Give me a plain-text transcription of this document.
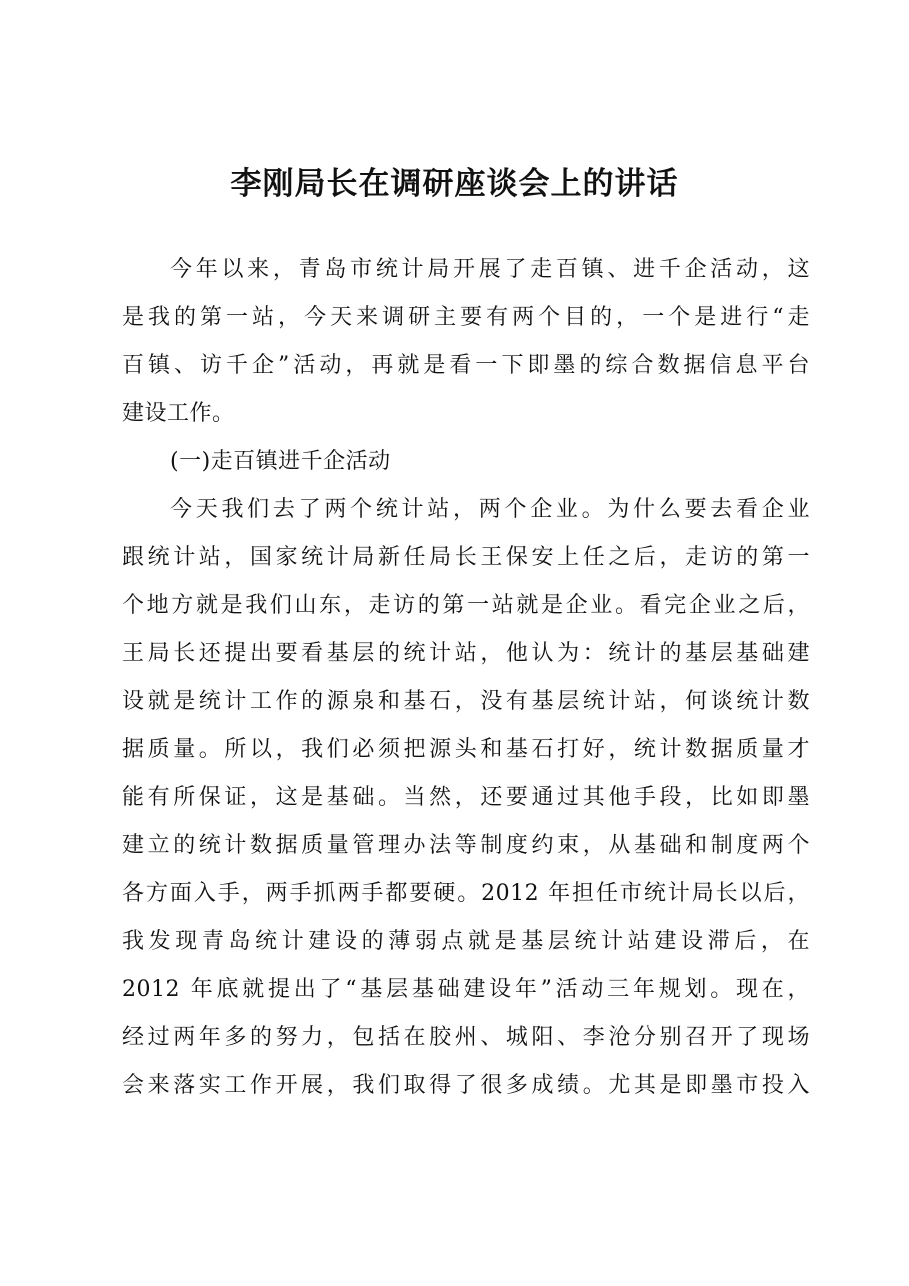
李刚局长在调研座谈会上的讲话
今年以来，青岛市统计局开展了走百镇、进千企活动，这
是我的第一站，今天来调研主要有两个目的，一个是进行“走
百镇、访千企”活动，再就是看一下即墨的综合数据信息平台
建设工作。
(一)走百镇进千企活动
今天我们去了两个统计站，两个企业。为什么要去看企业
跟统计站，国家统计局新任局长王保安上任之后，走访的第一
个地方就是我们山东，走访的第一站就是企业。看完企业之后，
王局长还提出要看基层的统计站，他认为：统计的基层基础建
设就是统计工作的源泉和基石，没有基层统计站，何谈统计数
据质量。所以，我们必须把源头和基石打好，统计数据质量才
能有所保证，这是基础。当然，还要通过其他手段，比如即墨
建立的统计数据质量管理办法等制度约束，从基础和制度两个
各方面入手，两手抓两手都要硬。2012 年担任市统计局长以后，
我发现青岛统计建设的薄弱点就是基层统计站建设滞后，在
2012 年底就提出了“基层基础建设年”活动三年规划。现在，
经过两年多的努力，包括在胶州、城阳、李沧分别召开了现场
会来落实工作开展，我们取得了很多成绩。尤其是即墨市投入
